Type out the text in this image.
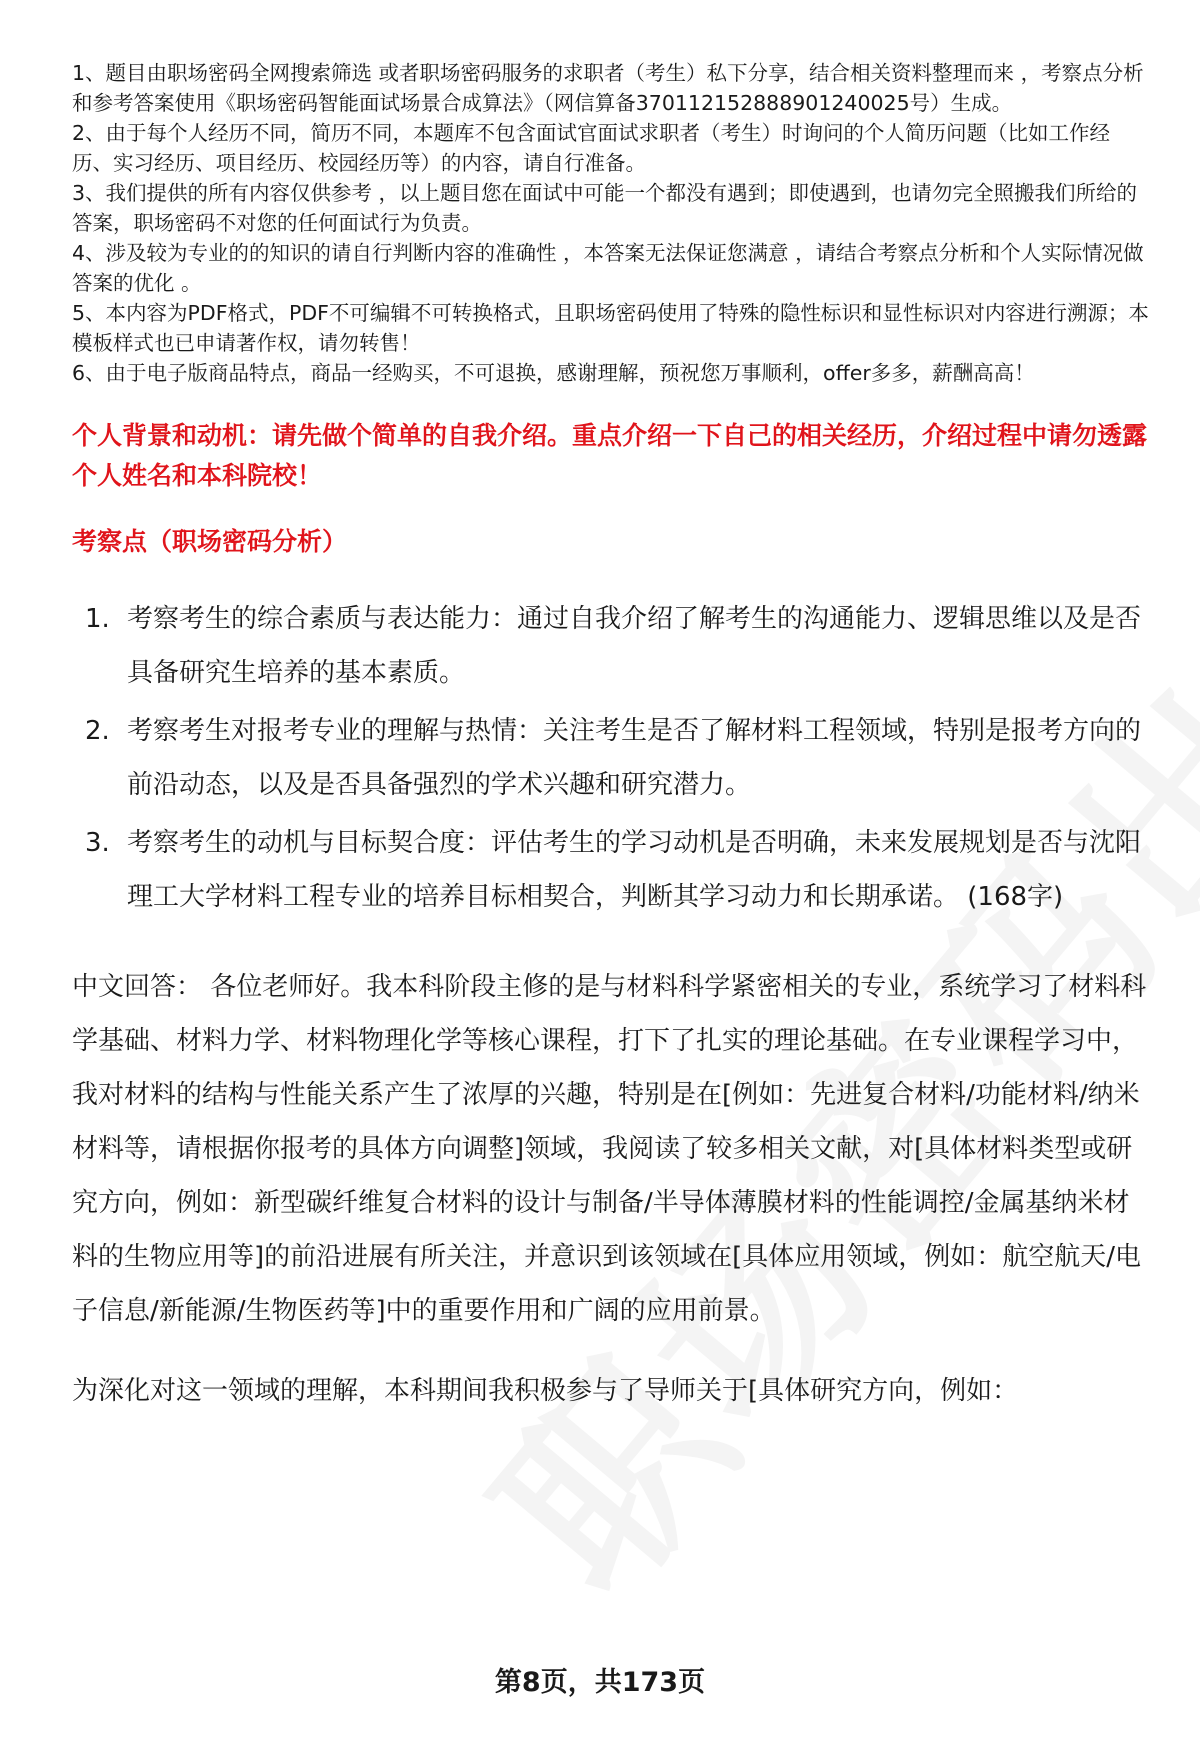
1、题目由职场密码全网搜索筛选 或者职场密码服务的求职者（考生）私下分享，结合相关资料整理而来 ，考察点分析和参考答案使用《职场密码智能面试场景合成算法》（网信算备370112152888901240025号）生成。
2、由于每个人经历不同，简历不同，本题库不包含面试官面试求职者（考生）时询问的个人简历问题（比如工作经历、实习经历、项目经历、校园经历等）的内容，请自行准备。
3、我们提供的所有内容仅供参考 ，以上题目您在面试中可能一个都没有遇到；即使遇到，也请勿完全照搬我们所给的答案，职场密码不对您的任何面试行为负责。
4、涉及较为专业的的知识的请自行判断内容的准确性 ，本答案无法保证您满意 ，请结合考察点分析和个人实际情况做答案的优化 。
5、本内容为PDF格式，PDF不可编辑不可转换格式，且职场密码使用了特殊的隐性标识和显性标识对内容进行溯源；本模板样式也已申请著作权，请勿转售！
6、由于电子版商品特点，商品一经购买，不可退换，感谢理解，预祝您万事顺利，offer多多，薪酬高高！
个人背景和动机：请先做个简单的自我介绍。重点介绍一下自己的相关经历，介绍过程中请勿透露个人姓名和本科院校！
考察点（职场密码分析）
1. 考察考生的综合素质与表达能力：通过自我介绍了解考生的沟通能力、逻辑思维以及是否具备研究生培养的基本素质。
2. 考察考生对报考专业的理解与热情：关注考生是否了解材料工程领域，特别是报考方向的前沿动态，以及是否具备强烈的学术兴趣和研究潜力。
3. 考察考生的动机与目标契合度：评估考生的学习动机是否明确，未来发展规划是否与沈阳理工大学材料工程专业的培养目标相契合，判断其学习动力和长期承诺。 (168字)

中文回答： 各位老师好。我本科阶段主修的是与材料科学紧密相关的专业，系统学习了材料科学基础、材料力学、材料物理化学等核心课程，打下了扎实的理论基础。在专业课程学习中，我对材料的结构与性能关系产生了浓厚的兴趣，特别是在[例如：先进复合材料/功能材料/纳米材料等，请根据你报考的具体方向调整]领域，我阅读了较多相关文献，对[具体材料类型或研究方向，例如：新型碳纤维复合材料的设计与制备/半导体薄膜材料的性能调控/金属基纳米材料的生物应用等]的前沿进展有所关注，并意识到该领域在[具体应用领域，例如：航空航天/电子信息/新能源/生物医药等]中的重要作用和广阔的应用前景。

为深化对这一领域的理解，本科期间我积极参与了导师关于[具体研究方向，例如：

第8页，共173页
